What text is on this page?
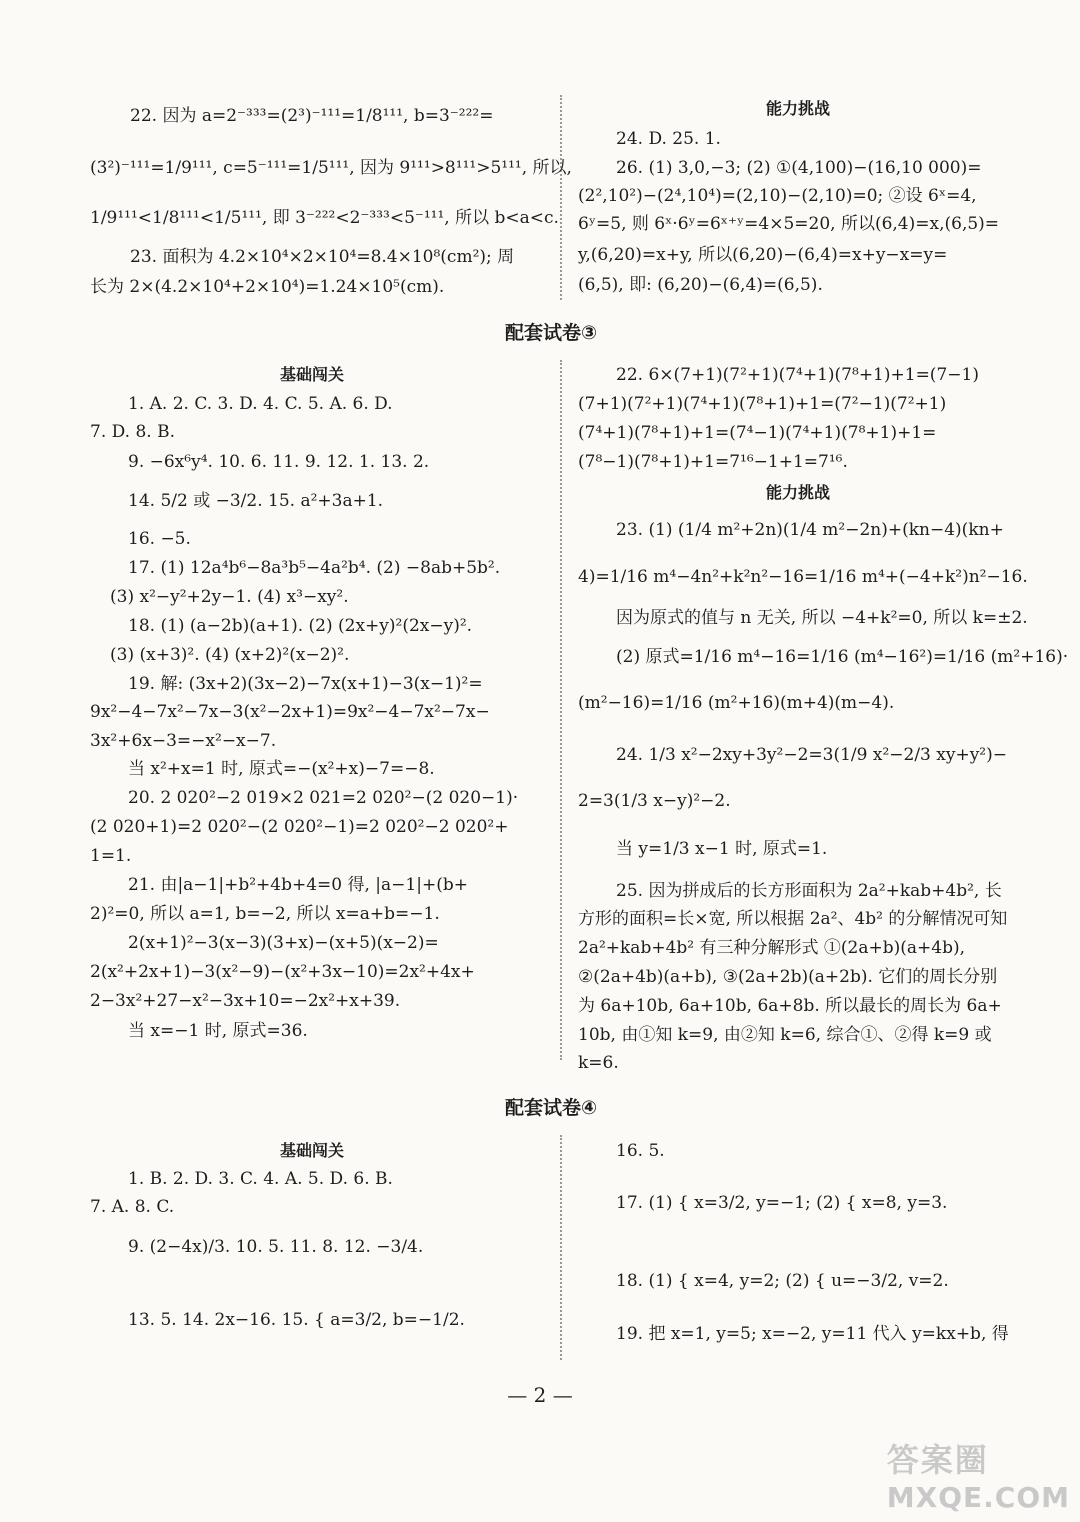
22. 因为 a=2⁻³³³=(2³)⁻¹¹¹=1/8¹¹¹, b=3⁻²²²=
(3²)⁻¹¹¹=1/9¹¹¹, c=5⁻¹¹¹=1/5¹¹¹, 因为 9¹¹¹>8¹¹¹>5¹¹¹, 所以,
1/9¹¹¹<1/8¹¹¹<1/5¹¹¹, 即 3⁻²²²<2⁻³³³<5⁻¹¹¹, 所以 b<a<c.
23. 面积为 4.2×10⁴×2×10⁴=8.4×10⁸(cm²); 周
长为 2×(4.2×10⁴+2×10⁴)=1.24×10⁵(cm).
能力挑战
24. D. 25. 1.
26. (1) 3,0,−3; (2) ①(4,100)−(16,10 000)=
(2²,10²)−(2⁴,10⁴)=(2,10)−(2,10)=0; ②设 6ˣ=4,
6ʸ=5, 则 6ˣ·6ʸ=6ˣ⁺ʸ=4×5=20, 所以(6,4)=x,(6,5)=
y,(6,20)=x+y, 所以(6,20)−(6,4)=x+y−x=y=
(6,5), 即: (6,20)−(6,4)=(6,5).
配套试卷③
基础闯关
1. A. 2. C. 3. D. 4. C. 5. A. 6. D.
7. D. 8. B.
9. −6x⁶y⁴. 10. 6. 11. 9. 12. 1. 13. 2.
14. 5/2 或 −3/2. 15. a²+3a+1.
16. −5.
17. (1) 12a⁴b⁶−8a³b⁵−4a²b⁴. (2) −8ab+5b².
(3) x²−y²+2y−1. (4) x³−xy².
18. (1) (a−2b)(a+1). (2) (2x+y)²(2x−y)².
(3) (x+3)². (4) (x+2)²(x−2)².
19. 解: (3x+2)(3x−2)−7x(x+1)−3(x−1)²=
9x²−4−7x²−7x−3(x²−2x+1)=9x²−4−7x²−7x−
3x²+6x−3=−x²−x−7.
当 x²+x=1 时, 原式=−(x²+x)−7=−8.
20. 2 020²−2 019×2 021=2 020²−(2 020−1)·
(2 020+1)=2 020²−(2 020²−1)=2 020²−2 020²+
1=1.
21. 由|a−1|+b²+4b+4=0 得, |a−1|+(b+
2)²=0, 所以 a=1, b=−2, 所以 x=a+b=−1.
2(x+1)²−3(x−3)(3+x)−(x+5)(x−2)=
2(x²+2x+1)−3(x²−9)−(x²+3x−10)=2x²+4x+
2−3x²+27−x²−3x+10=−2x²+x+39.
当 x=−1 时, 原式=36.
22. 6×(7+1)(7²+1)(7⁴+1)(7⁸+1)+1=(7−1)
(7+1)(7²+1)(7⁴+1)(7⁸+1)+1=(7²−1)(7²+1)
(7⁴+1)(7⁸+1)+1=(7⁴−1)(7⁴+1)(7⁸+1)+1=
(7⁸−1)(7⁸+1)+1=7¹⁶−1+1=7¹⁶.
能力挑战
23. (1) (1/4 m²+2n)(1/4 m²−2n)+(kn−4)(kn+
4)=1/16 m⁴−4n²+k²n²−16=1/16 m⁴+(−4+k²)n²−16.
因为原式的值与 n 无关, 所以 −4+k²=0, 所以 k=±2.
(2) 原式=1/16 m⁴−16=1/16 (m⁴−16²)=1/16 (m²+16)·
(m²−16)=1/16 (m²+16)(m+4)(m−4).
24. 1/3 x²−2xy+3y²−2=3(1/9 x²−2/3 xy+y²)−
2=3(1/3 x−y)²−2.
当 y=1/3 x−1 时, 原式=1.
25. 因为拼成后的长方形面积为 2a²+kab+4b², 长
方形的面积=长×宽, 所以根据 2a²、4b² 的分解情况可知
2a²+kab+4b² 有三种分解形式 ①(2a+b)(a+4b),
②(2a+4b)(a+b), ③(2a+2b)(a+2b). 它们的周长分别
为 6a+10b, 6a+10b, 6a+8b. 所以最长的周长为 6a+
10b, 由①知 k=9, 由②知 k=6, 综合①、②得 k=9 或
k=6.
配套试卷④
基础闯关
1. B. 2. D. 3. C. 4. A. 5. D. 6. B.
7. A. 8. C.
9. (2−4x)/3. 10. 5. 11. 8. 12. −3/4.
13. 5. 14. 2x−16. 15. { a=3/2, b=−1/2.
16. 5.
17. (1) { x=3/2, y=−1; (2) { x=8, y=3.
18. (1) { x=4, y=2; (2) { u=−3/2, v=2.
19. 把 x=1, y=5; x=−2, y=11 代入 y=kx+b, 得
— 2 —
答案圈
MXQE.COM
